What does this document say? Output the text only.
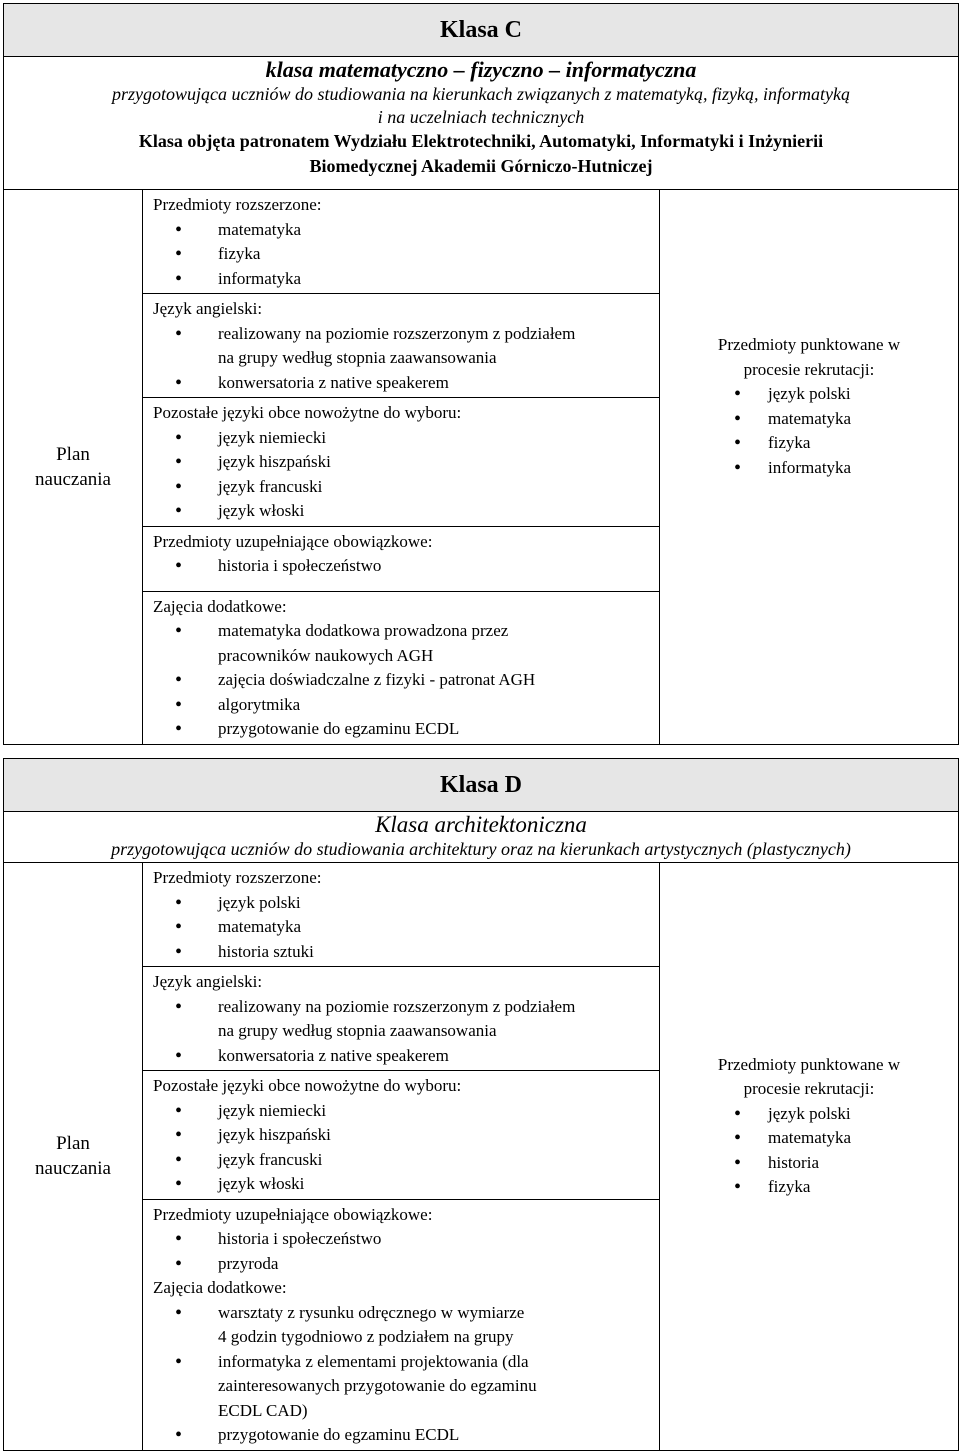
Klasa C

klasa matematyczno – fizyczno – informatyczna
przygotowująca uczniów do studiowania na kierunkach związanych z matematyką, fizyką, informatyką
i na uczelniach technicznych
Klasa objęta patronatem Wydziału Elektrotechniki, Automatyki, Informatyki i Inżynierii
Biomedycznej Akademii Górniczo-Hutniczej

Plan
nauczania

Przedmioty rozszerzone:
• matematyka
• fizyka
• informatyka
Język angielski:
• realizowany na poziomie rozszerzonym z podziałem
na grupy według stopnia zaawansowania
• konwersatoria z native speakerem
Pozostałe języki obce nowożytne do wyboru:
• język niemiecki
• język hiszpański
• język francuski
• język włoski
Przedmioty uzupełniające obowiązkowe:
• historia i społeczeństwo
Zajęcia dodatkowe:
• matematyka dodatkowa prowadzona przez
pracowników naukowych AGH
• zajęcia doświadczalne z fizyki - patronat AGH
• algorytmika
• przygotowanie do egzaminu ECDL

Przedmioty punktowane w
procesie rekrutacji:
• język polski
• matematyka
• fizyka
• informatyka
Klasa D

Klasa architektoniczna
przygotowująca uczniów do studiowania architektury oraz na kierunkach artystycznych (plastycznych)

Plan
nauczania

Przedmioty rozszerzone:
• język polski
• matematyka
• historia sztuki
Język angielski:
• realizowany na poziomie rozszerzonym z podziałem
na grupy według stopnia zaawansowania
• konwersatoria z native speakerem
Pozostałe języki obce nowożytne do wyboru:
• język niemiecki
• język hiszpański
• język francuski
• język włoski
Przedmioty uzupełniające obowiązkowe:
• historia i społeczeństwo
• przyroda
Zajęcia dodatkowe:
• warsztaty z rysunku odręcznego w wymiarze
4 godzin tygodniowo z podziałem na grupy
• informatyka z elementami projektowania (dla
zainteresowanych przygotowanie do egzaminu
ECDL CAD)
• przygotowanie do egzaminu ECDL

Przedmioty punktowane w
procesie rekrutacji:
• język polski
• matematyka
• historia
• fizyka
